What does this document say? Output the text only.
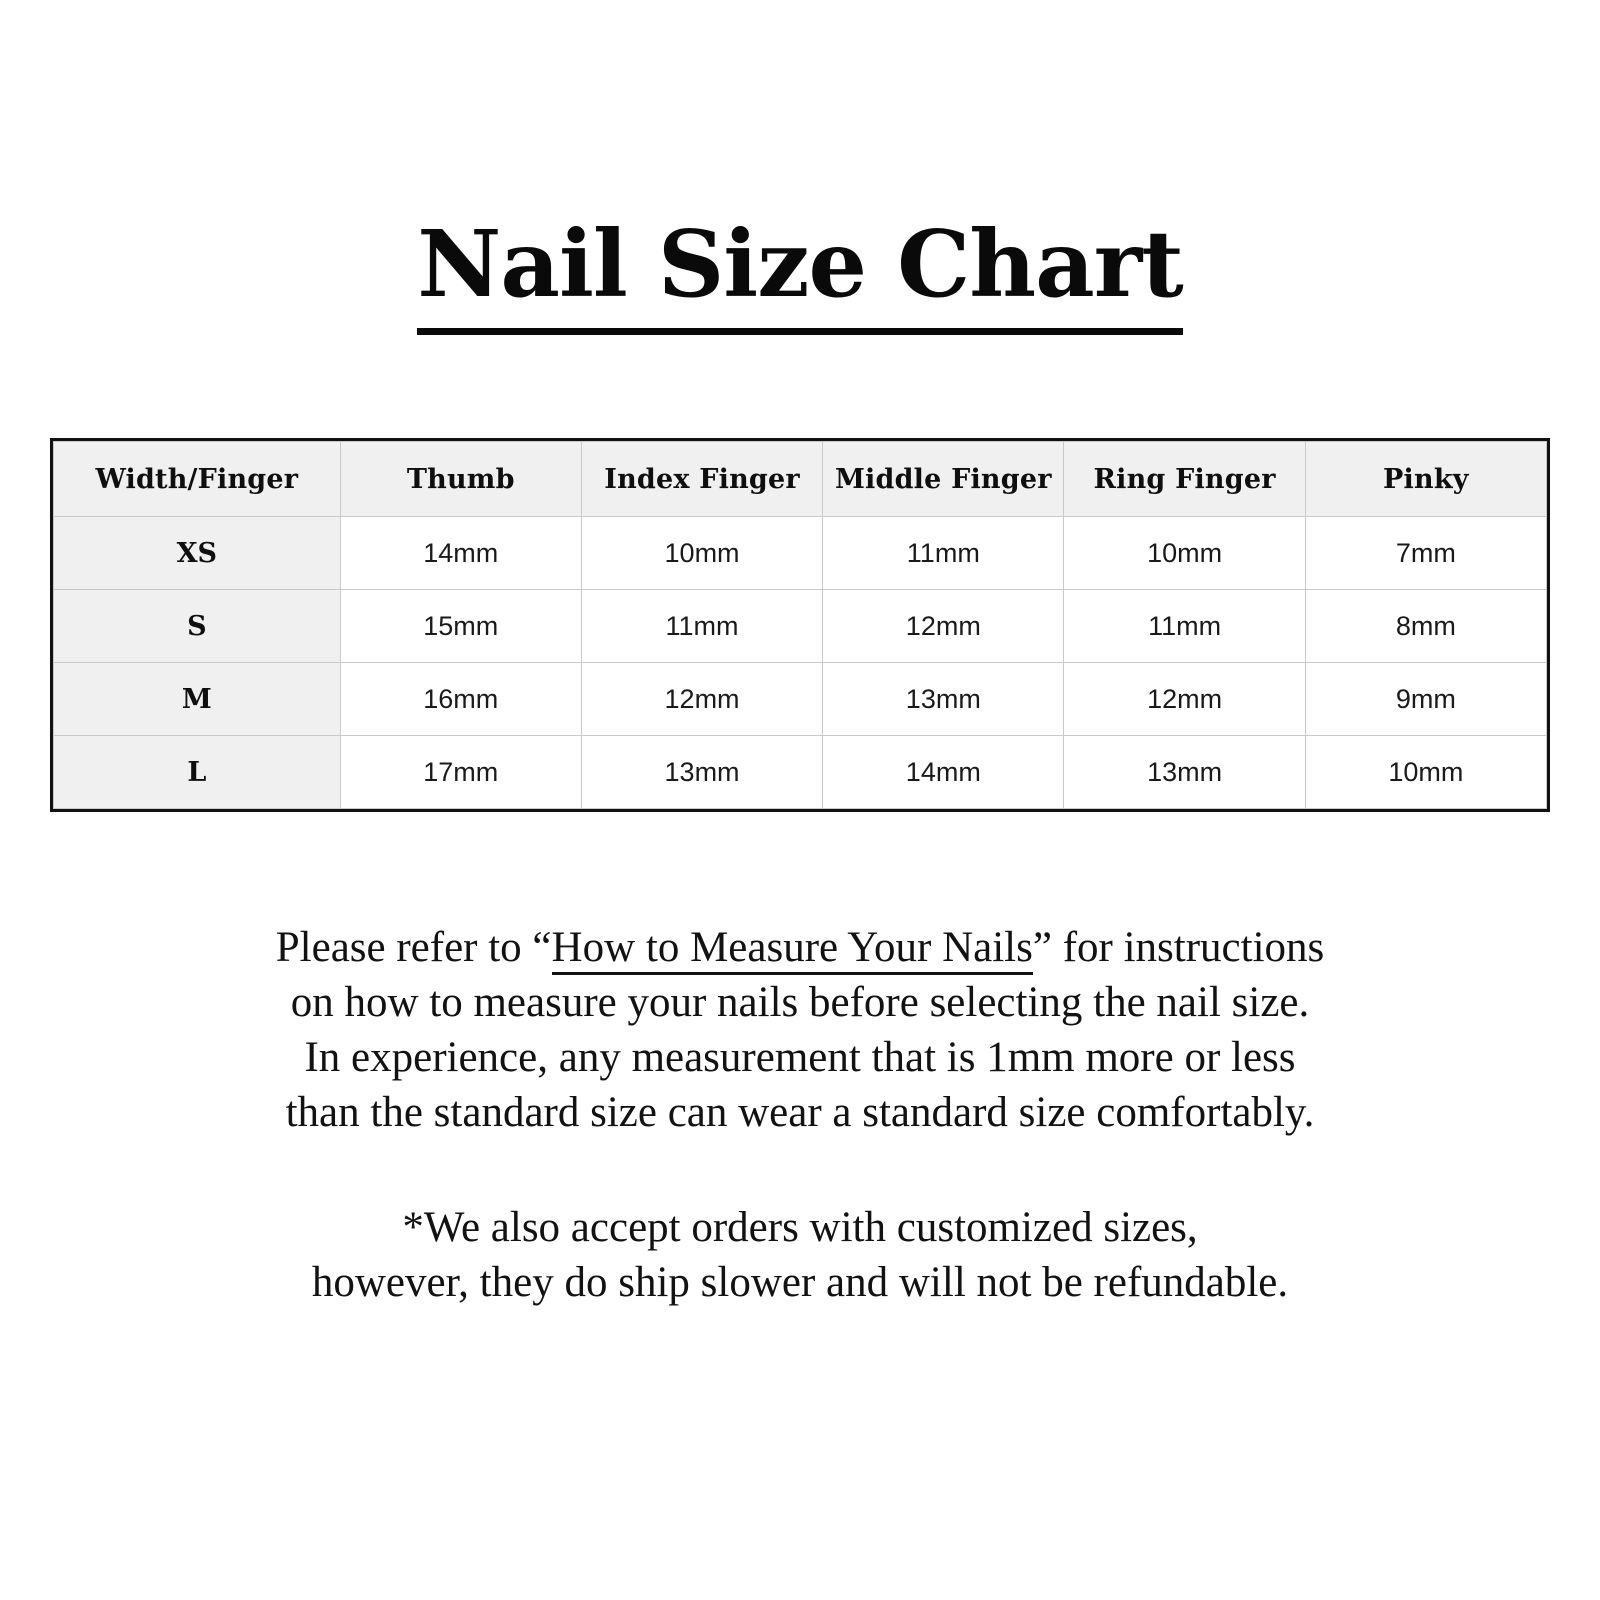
Nail Size Chart
Width/Finger	Thumb	Index Finger	Middle Finger	Ring Finger	Pinky
XS	14mm	10mm	11mm	10mm	7mm
S	15mm	11mm	12mm	11mm	8mm
M	16mm	12mm	13mm	12mm	9mm
L	17mm	13mm	14mm	13mm	10mm

Please refer to “How to Measure Your Nails” for instructions

on how to measure your nails before selecting the nail size.

In experience, any measurement that is 1mm more or less

than the standard size can wear a standard size comfortably.

*We also accept orders with customized sizes,

however, they do ship slower and will not be refundable.
